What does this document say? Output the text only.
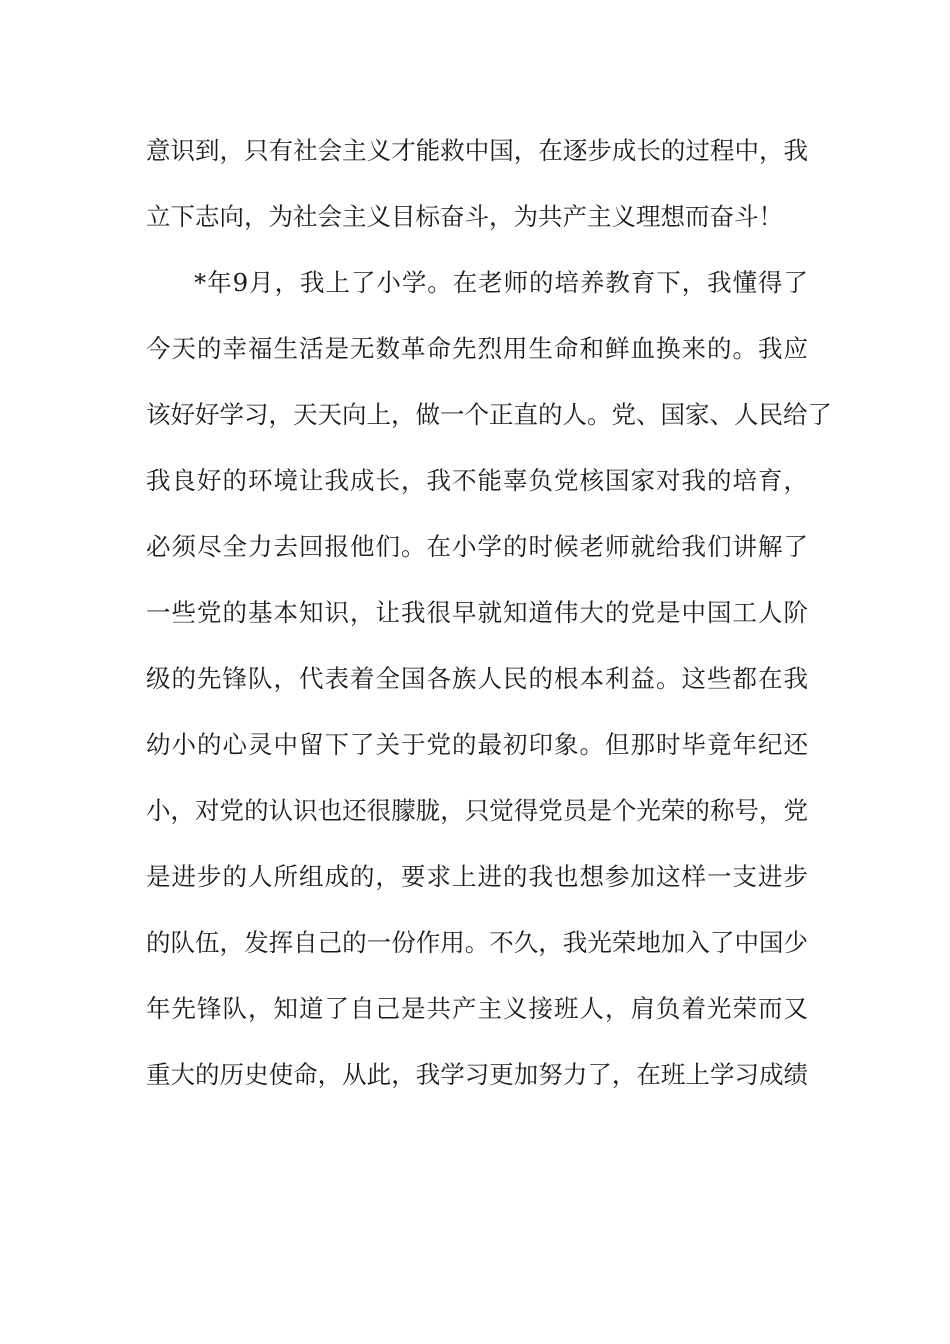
意识到，只有社会主义才能救中国，在逐步成长的过程中，我
立下志向，为社会主义目标奋斗，为共产主义理想而奋斗！
*年9月，我上了小学。在老师的培养教育下，我懂得了
今天的幸福生活是无数革命先烈用生命和鲜血换来的。我应
该好好学习，天天向上，做一个正直的人。党、国家、人民给了
我良好的环境让我成长，我不能辜负党核国家对我的培育，
必须尽全力去回报他们。在小学的时候老师就给我们讲解了
一些党的基本知识，让我很早就知道伟大的党是中国工人阶
级的先锋队，代表着全国各族人民的根本利益。这些都在我
幼小的心灵中留下了关于党的最初印象。但那时毕竟年纪还
小，对党的认识也还很朦胧，只觉得党员是个光荣的称号，党
是进步的人所组成的，要求上进的我也想参加这样一支进步
的队伍，发挥自己的一份作用。不久，我光荣地加入了中国少
年先锋队，知道了自己是共产主义接班人，肩负着光荣而又
重大的历史使命，从此，我学习更加努力了，在班上学习成绩
